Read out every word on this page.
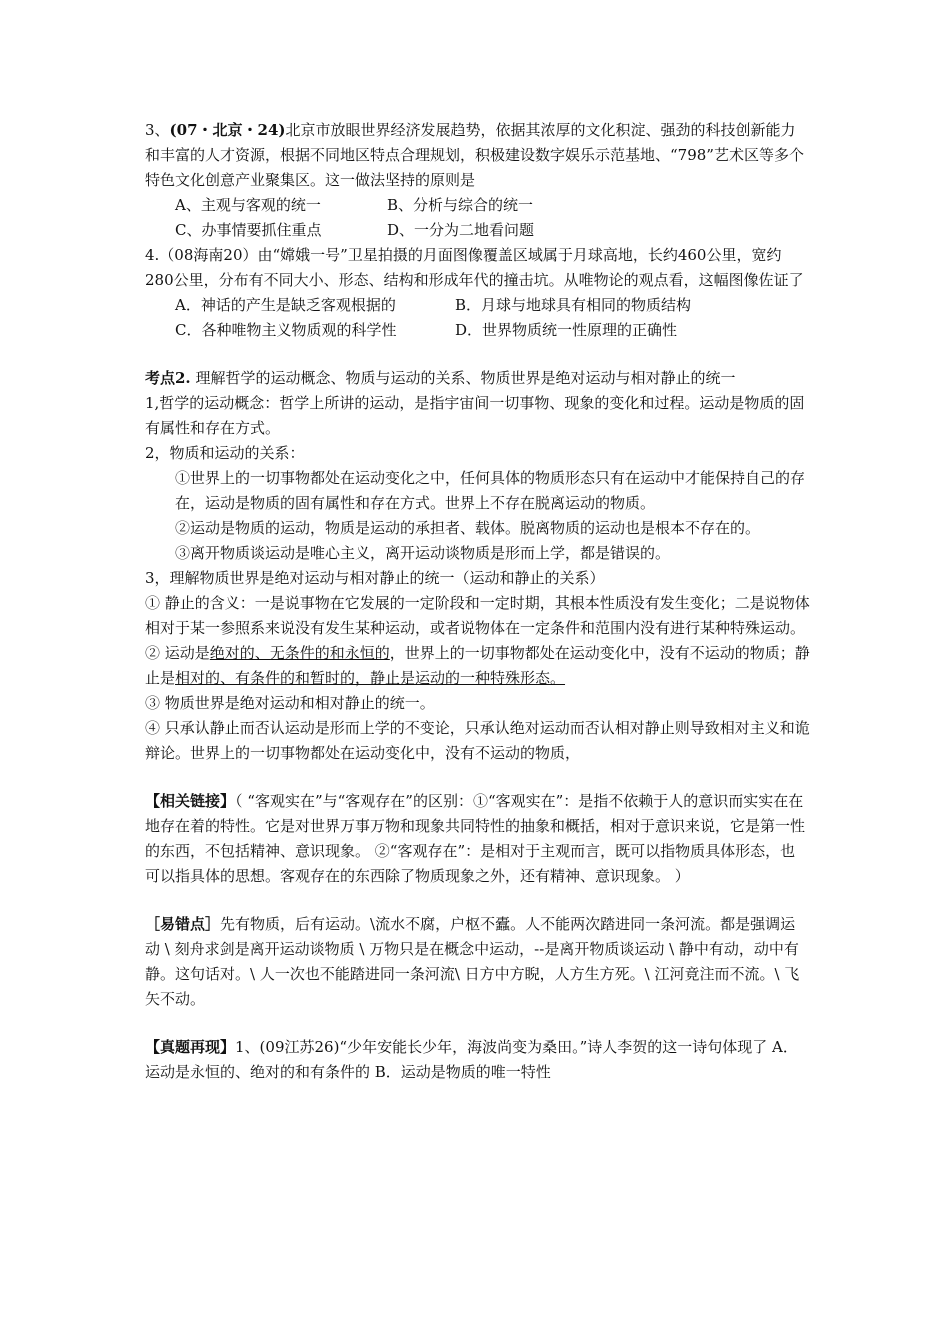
3、(07・北京・24)北京市放眼世界经济发展趋势，依据其浓厚的文化积淀、强劲的科技创新能力和丰富的人才资源，根据不同地区特点合理规划，积极建设数字娱乐示范基地、“798”艺术区等多个特色文化创意产业聚集区。这一做法坚持的原则是

A、主观与客观的统一	B、分析与综合的统一
C、办事情要抓住重点	D、一分为二地看问题

4.（08海南20）由“嫦娥一号”卫星拍摄的月面图像覆盖区域属于月球高地，长约460公里，宽约280公里，分布有不同大小、形态、结构和形成年代的撞击坑。从唯物论的观点看，这幅图像佐证了

A．神话的产生是缺乏客观根据的	B．月球与地球具有相同的物质结构
C．各种唯物主义物质观的科学性	D．世界物质统一性原理的正确性

考点2. 理解哲学的运动概念、物质与运动的关系、物质世界是绝对运动与相对静止的统一

1,哲学的运动概念：哲学上所讲的运动，是指宇宙间一切事物、现象的变化和过程。运动是物质的固有属性和存在方式。

2，物质和运动的关系：

①世界上的一切事物都处在运动变化之中，任何具体的物质形态只有在运动中才能保持自己的存在，运动是物质的固有属性和存在方式。世界上不存在脱离运动的物质。

②运动是物质的运动，物质是运动的承担者、载体。脱离物质的运动也是根本不存在的。

③离开物质谈运动是唯心主义，离开运动谈物质是形而上学，都是错误的。

3，理解物质世界是绝对运动与相对静止的统一（运动和静止的关系）

① 静止的含义：一是说事物在它发展的一定阶段和一定时期，其根本性质没有发生变化；二是说物体相对于某一参照系来说没有发生某种运动，或者说物体在一定条件和范围内没有进行某种特殊运动。

② 运动是绝对的、无条件的和永恒的，世界上的一切事物都处在运动变化中，没有不运动的物质；静止是相对的、有条件的和暂时的，静止是运动的一种特殊形态。

③ 物质世界是绝对运动和相对静止的统一。

④ 只承认静止而否认运动是形而上学的不变论，只承认绝对运动而否认相对静止则导致相对主义和诡辩论。世界上的一切事物都处在运动变化中，没有不运动的物质，

【相关链接】（ “客观实在”与“客观存在”的区别：①“客观实在”：是指不依赖于人的意识而实实在在地存在着的特性。它是对世界万事万物和现象共同特性的抽象和概括，相对于意识来说，它是第一性的东西，不包括精神、意识现象。 ②“客观存在”：是相对于主观而言，既可以指物质具体形态，也可以指具体的思想。客观存在的东西除了物质现象之外，还有精神、意识现象。 ）

［易错点］先有物质，后有运动。\流水不腐，户枢不蠹。人不能两次踏进同一条河流。都是强调运动 \ 刻舟求剑是离开运动谈物质 \ 万物只是在概念中运动，--是离开物质谈运动 \ 静中有动，动中有静。这句话对。\ 人一次也不能踏进同一条河流\ 日方中方睨，人方生方死。\ 江河竟注而不流。\ 飞矢不动。

【真题再现】1、(09江苏26)“少年安能长少年，海波尚变为桑田。”诗人李贺的这一诗句体现了 A．运动是永恒的、绝对的和有条件的 B．运动是物质的唯一特性
